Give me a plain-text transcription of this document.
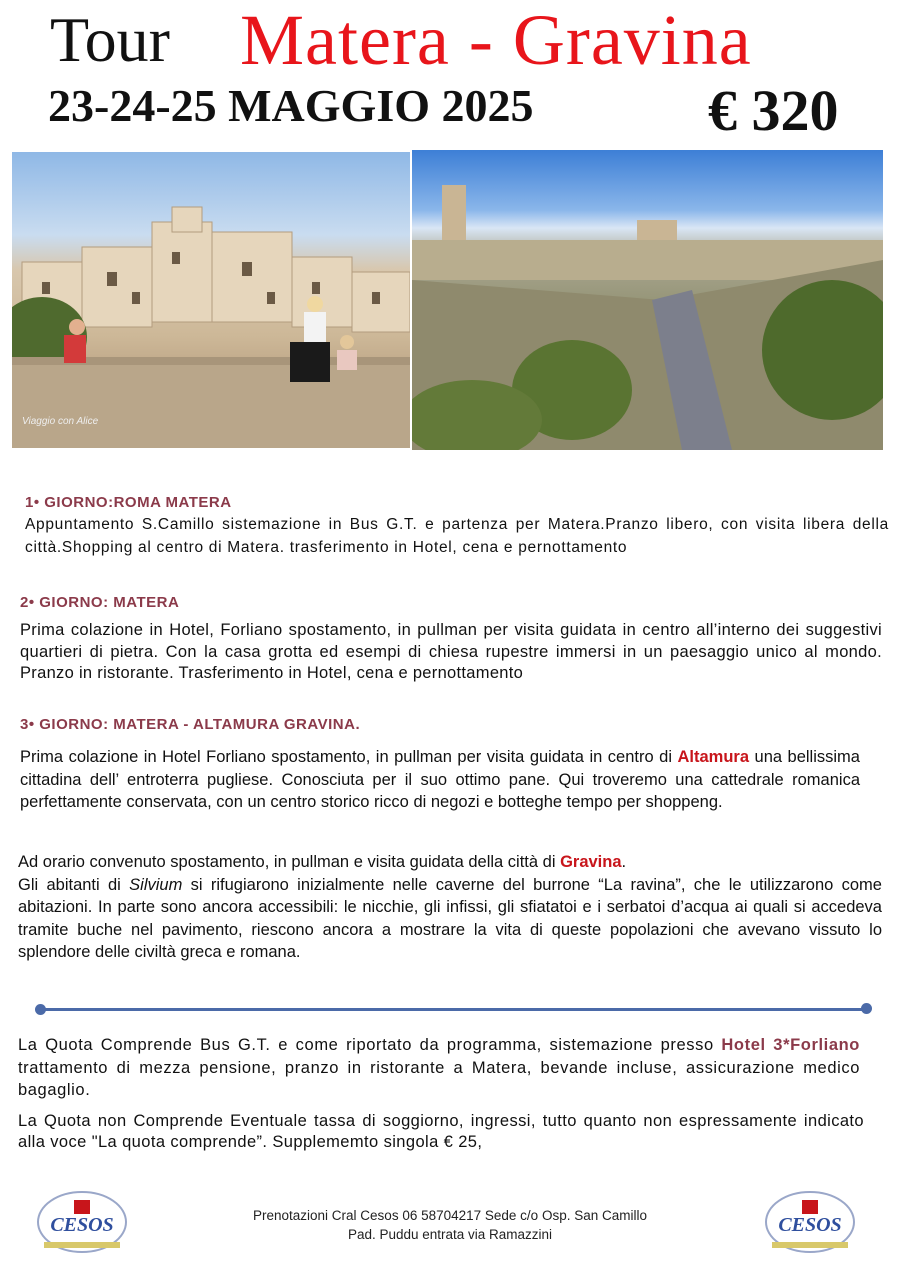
Tour Matera - Gravina
23-24-25 MAGGIO 2025	€ 320
Viaggio con Alice
1• GIORNO:ROMA MATERA
Appuntamento S.Camillo sistemazione in Bus G.T. e partenza per Matera.Pranzo libero, con visita libera della città.Shopping al centro di Matera. trasferimento in Hotel, cena e pernottamento
2• GIORNO: MATERA
Prima colazione in Hotel, Forliano spostamento, in pullman per visita guidata in centro all’interno dei suggestivi quartieri di pietra. Con la casa grotta ed esempi di chiesa rupestre immersi in un paesaggio unico al mondo. Pranzo in ristorante. Trasferimento in Hotel, cena e pernottamento
3• GIORNO: MATERA - ALTAMURA GRAVINA.
Prima colazione in Hotel Forliano spostamento, in pullman per visita guidata in centro di Altamura una bellissima cittadina dell’ entroterra pugliese. Conosciuta per il suo ottimo pane. Qui troveremo una cattedrale romanica perfettamente conservata, con un centro storico ricco di negozi e botteghe tempo per shoppeng.
Ad orario convenuto spostamento, in pullman e visita guidata della città di Gravina.
Gli abitanti di Silvium si rifugiarono inizialmente nelle caverne del burrone “La ravina”, che le utilizzarono come abitazioni. In parte sono ancora accessibili: le nicchie, gli infissi, gli sfiatatoi e i serbatoi d’acqua ai quali si accedeva tramite buche nel pavimento, riescono ancora a mostrare la vita di queste popolazioni che avevano vissuto lo splendore delle civiltà greca e romana.
La Quota Comprende Bus G.T. e come riportato da programma, sistemazione presso Hotel 3*Forliano trattamento di mezza pensione, pranzo in ristorante a Matera, bevande incluse, assicurazione medico bagaglio.
La Quota non Comprende Eventuale tassa di soggiorno, ingressi, tutto quanto non espressamente indicato alla voce "La quota comprende”. Supplememto singola € 25,
CESOS	Prenotazioni Cral Cesos 06 58704217 Sede c/o Osp. San Camillo
Pad. Puddu entrata via Ramazzini	CESOS
